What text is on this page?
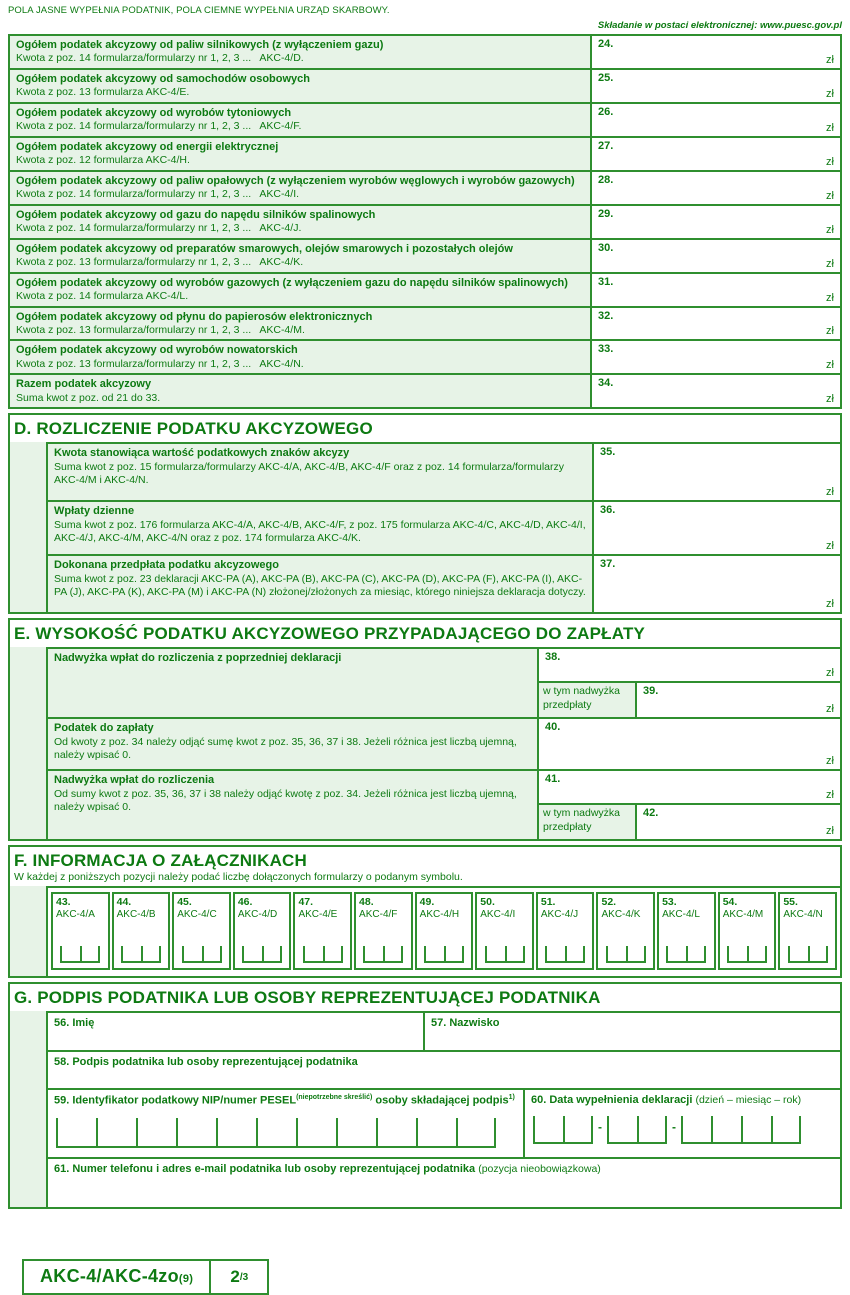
POLA JASNE WYPEŁNIA PODATNIK, POLA CIEMNE WYPEŁNIA URZĄD SKARBOWY.
Składanie w postaci elektronicznej: www.puesc.gov.pl
Ogółem podatek akcyzowy od paliw silnikowych (z wyłączeniem gazu)
Kwota z poz. 14 formularza/formularzy nr 1, 2, 3 ...   AKC-4/D.
24.
zł
Ogółem podatek akcyzowy od samochodów osobowych
Kwota z poz. 13 formularza AKC-4/E.
25.
zł
Ogółem podatek akcyzowy od wyrobów tytoniowych
Kwota z poz. 14 formularza/formularzy nr 1, 2, 3 ...   AKC-4/F.
26.
zł
Ogółem podatek akcyzowy od energii elektrycznej
Kwota z poz. 12 formularza AKC-4/H.
27.
zł
Ogółem podatek akcyzowy od paliw opałowych (z wyłączeniem wyrobów węglowych i wyrobów gazowych)
Kwota z poz. 14 formularza/formularzy nr 1, 2, 3 ...   AKC-4/I.
28.
zł
Ogółem podatek akcyzowy od gazu do napędu silników spalinowych
Kwota z poz. 14 formularza/formularzy nr 1, 2, 3 ...   AKC-4/J.
29.
zł
Ogółem podatek akcyzowy od preparatów smarowych, olejów smarowych i pozostałych olejów
Kwota z poz. 13 formularza/formularzy nr 1, 2, 3 ...   AKC-4/K.
30.
zł
Ogółem podatek akcyzowy od wyrobów gazowych (z wyłączeniem gazu do napędu silników spalinowych)
Kwota z poz. 14 formularza AKC-4/L.
31.
zł
Ogółem podatek akcyzowy od płynu do papierosów elektronicznych
Kwota z poz. 13 formularza/formularzy nr 1, 2, 3 ...   AKC-4/M.
32.
zł
Ogółem podatek akcyzowy od wyrobów nowatorskich
Kwota z poz. 13 formularza/formularzy nr 1, 2, 3 ...   AKC-4/N.
33.
zł
Razem podatek akcyzowy
Suma kwot z poz. od 21 do 33.
34.
zł
D. ROZLICZENIE PODATKU AKCYZOWEGO
Kwota stanowiąca wartość podatkowych znaków akcyzy
Suma kwot z poz. 15 formularza/formularzy AKC-4/A, AKC-4/B, AKC-4/F oraz z poz. 14 formularza/formularzy AKC-4/M i AKC-4/N.
35.
zł
Wpłaty dzienne
Suma kwot z poz. 176 formularza AKC-4/A, AKC-4/B, AKC-4/F, z poz. 175 formularza AKC-4/C, AKC-4/D, AKC-4/I, AKC-4/J, AKC-4/M, AKC-4/N oraz z poz. 174 formularza AKC-4/K.
36.
zł
Dokonana przedpłata podatku akcyzowego
Suma kwot z poz. 23 deklaracji AKC-PA (A), AKC-PA (B), AKC-PA (C), AKC-PA (D), AKC-PA (F), AKC-PA (I), AKC-PA (J), AKC-PA (K), AKC-PA (M) i AKC-PA (N) złożonej/złożonych za miesiąc, którego niniejsza deklaracja dotyczy.
37.
zł
E. WYSOKOŚĆ PODATKU AKCYZOWEGO PRZYPADAJĄCEGO DO ZAPŁATY
Nadwyżka wpłat do rozliczenia z poprzedniej deklaracji	38.
zł
w tym nadwyżka przedpłaty
39.
zł
Podatek do zapłaty
Od kwoty z poz. 34 należy odjąć sumę kwot z poz. 35, 36, 37 i 38. Jeżeli różnica jest liczbą ujemną, należy wpisać 0.
40.
zł
Nadwyżka wpłat do rozliczenia
Od sumy kwot z poz. 35, 36, 37 i 38 należy odjąć kwotę z poz. 34. Jeżeli różnica jest liczbą ujemną, należy wpisać 0.
41.
zł
w tym nadwyżka przedpłaty
42.
zł
F. INFORMACJA O ZAŁĄCZNIKACH
W każdej z poniższych pozycji należy podać liczbę dołączonych formularzy o podanym symbolu.
43.
AKC-4/A
44.
AKC-4/B
45.
AKC-4/C
46.
AKC-4/D
47.
AKC-4/E
48.
AKC-4/F
49.
AKC-4/H
50.
AKC-4/I
51.
AKC-4/J
52.
AKC-4/K
53.
AKC-4/L
54.
AKC-4/M
55.
AKC-4/N
G. PODPIS PODATNIKA LUB OSOBY REPREZENTUJĄCEJ PODATNIKA
56. Imię	57. Nazwisko
58. Podpis podatnika lub osoby reprezentującej podatnika
59. Identyfikator podatkowy NIP/numer $PESEL^{(niepotrzebne skreślić)}$ osoby składającej podpis$^{1)}$	60. Data wypełnienia deklaracji (dzień – miesiąc – rok)
-	-
61. Numer telefonu i adres e-mail podatnika lub osoby reprezentującej podatnika (pozycja nieobowiązkowa)
AKC-4/AKC-4zo(9)	2 /3
